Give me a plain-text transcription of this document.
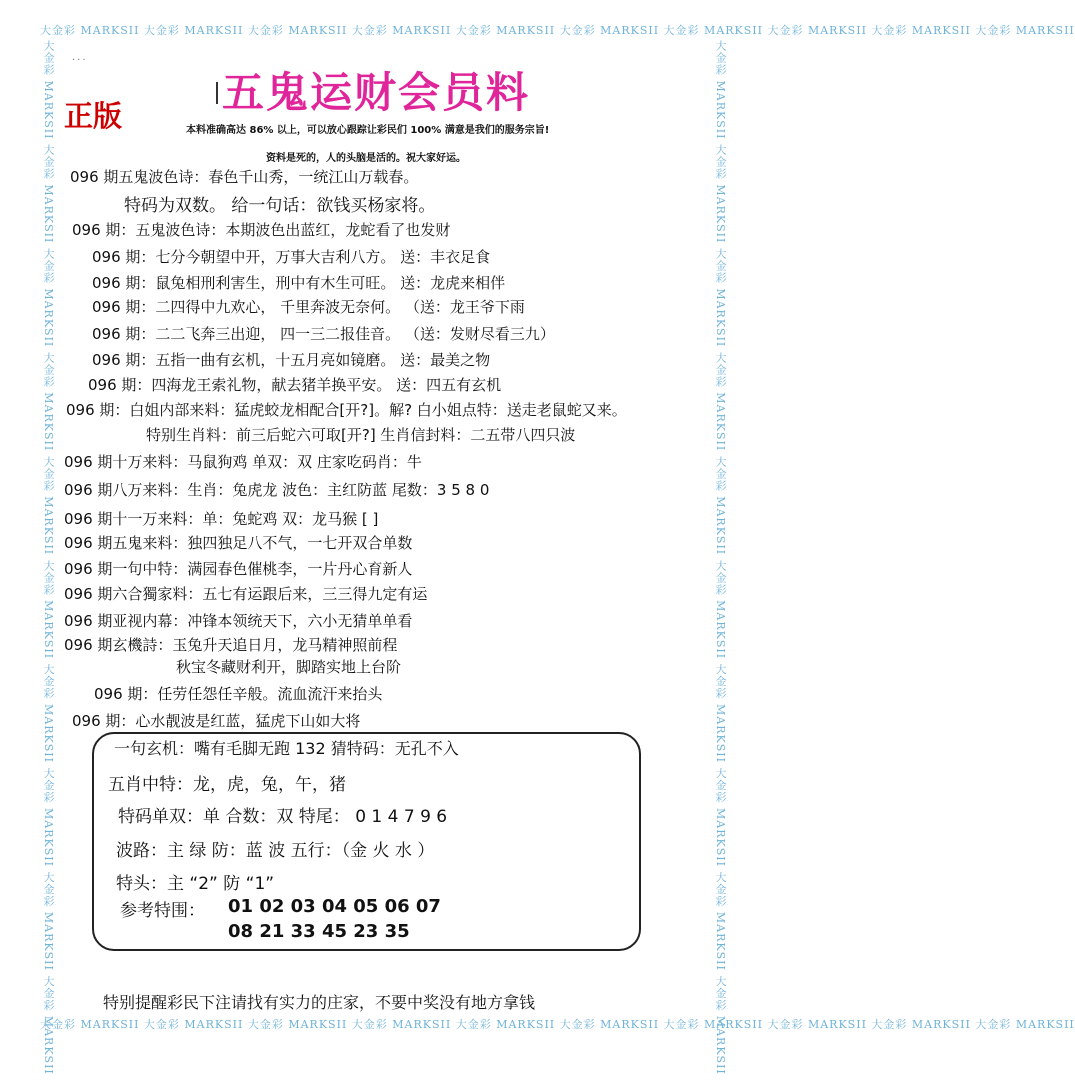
大金彩 MARKSII 大金彩 MARKSII 大金彩 MARKSII 大金彩 MARKSII 大金彩 MARKSII 大金彩 MARKSII 大金彩 MARKSII 大金彩 MARKSII 大金彩 MARKSII 大金彩 MARKSII
大金彩 MARKSII 大金彩 MARKSII 大金彩 MARKSII 大金彩 MARKSII 大金彩 MARKSII 大金彩 MARKSII 大金彩 MARKSII 大金彩 MARKSII 大金彩 MARKSII 大金彩 MARKSII
大金彩 MARKSII 大金彩 MARKSII 大金彩 MARKSII 大金彩 MARKSII 大金彩 MARKSII 大金彩 MARKSII 大金彩 MARKSII 大金彩 MARKSII 大金彩 MARKSII 大金彩 MARKSII	大金彩 MARKSII 大金彩 MARKSII 大金彩 MARKSII 大金彩 MARKSII 大金彩 MARKSII 大金彩 MARKSII 大金彩 MARKSII 大金彩 MARKSII 大金彩 MARKSII 大金彩 MARKSII
...
五鬼运财会员料
正版	本料准确高达 86% 以上，可以放心跟踪让彩民们 100% 满意是我们的服务宗旨!
资料是死的，人的头脑是活的。祝大家好运。
096 期五鬼波色诗：春色千山秀，一统江山万载春。
特码为双数。 给一句话：欲钱买杨家将。
096 期：五鬼波色诗：本期波色出蓝红，龙蛇看了也发财
096 期：七分今朝望中开，万事大吉利八方。 送：丰衣足食
096 期：鼠兔相刑利害生，刑中有木生可旺。 送：龙虎来相伴
096 期：二四得中九欢心， 千里奔波无奈何。 （送：龙王爷下雨
096 期：二二飞奔三出迎， 四一三二报佳音。 （送：发财尽看三九）
096 期：五指一曲有玄机，十五月亮如镜磨。 送：最美之物
096 期：四海龙王索礼物，献去猪羊换平安。 送：四五有玄机
096 期：白姐内部来料：猛虎蛟龙相配合[开?]。解? 白小姐点特：送走老鼠蛇又来。
特别生肖料：前三后蛇六可取[开?] 生肖信封料：二五带八四只波
096 期十万来料：马鼠狗鸡 单双：双 庄家吃码肖：牛
096 期八万来料：生肖：兔虎龙 波色：主红防蓝 尾数：3 5 8 0
096 期十一万来料：单：兔蛇鸡 双：龙马猴 [ ]
096 期五鬼来料：独四独足八不气，一七开双合单数
096 期一句中特：满园春色催桃李，一片丹心育新人
096 期六合獨家料：五七有运跟后来，三三得九定有运
096 期亚视内幕：冲锋本领统天下，六小无猜单单看
096 期玄機詩：玉兔升天追日月，龙马精神照前程
秋宝冬藏财利开，脚踏实地上台阶
096 期：任劳任怨任辛般。流血流汗来抬头
096 期：心水靓波是红蓝，猛虎下山如大将
一句玄机：嘴有毛脚无跑 132 猜特码：无孔不入
五肖中特：龙，虎，兔，午，猪
特码单双：单 合数：双 特尾： 0 1 4 7 9 6
波路：主 绿 防：蓝 波 五行：（金 火 水 ）
特头：主 “2” 防 “1”
参考特围： 01 02 03 04 05 06 07
08 21 33 45 23 35
特别提醒彩民下注请找有实力的庄家，不要中奖没有地方拿钱
